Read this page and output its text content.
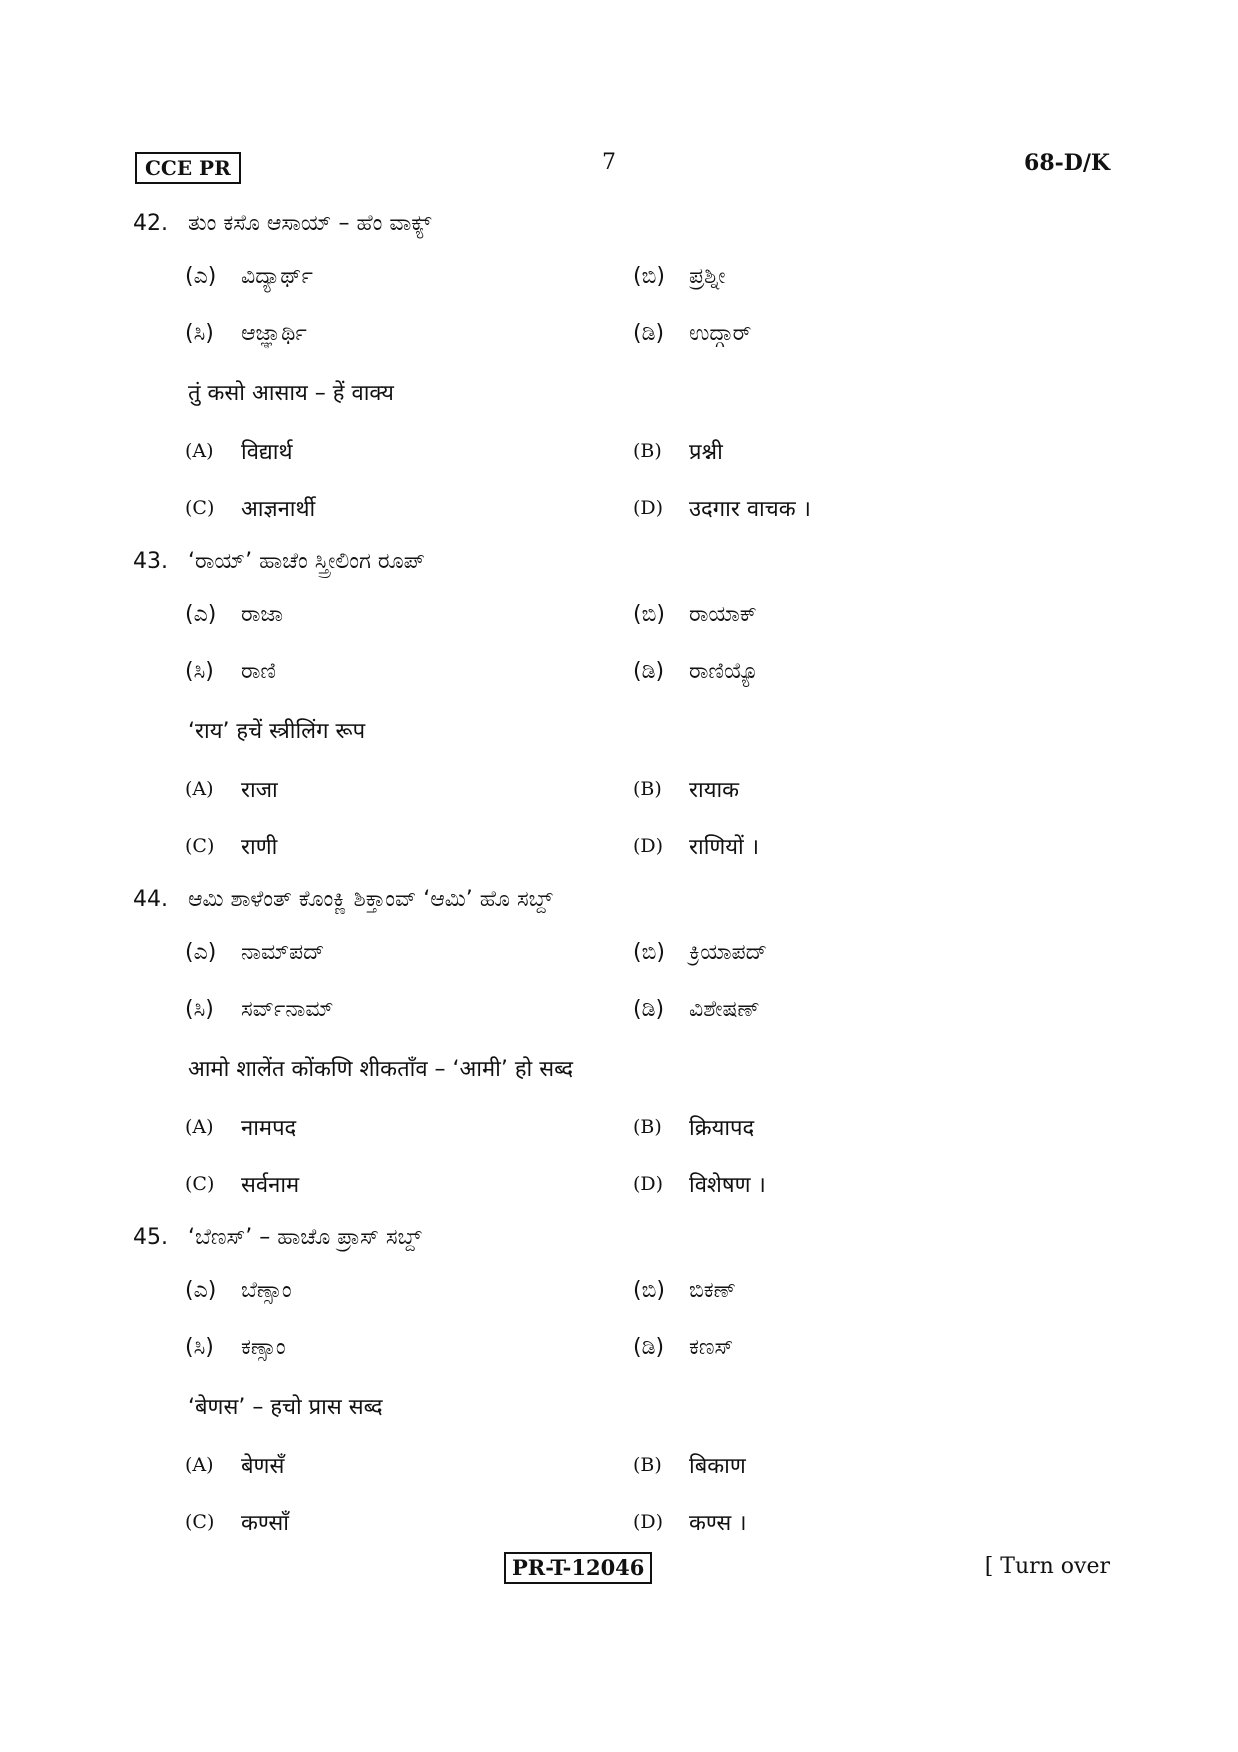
CCE PR	7	68-D/K
42. ತುಂ ಕಸೊ ಆಸಾಯ್ – ಹೆಂ ವಾಕ್ಯ್
(ಎ)	ವಿದ್ಯಾರ್ಥ್	(ಬಿ)	ಪ್ರಶ್ನೀ
(ಸಿ)	ಆಜ್ಞಾರ್ಥಿ	(ಡಿ)	ಉದ್ಗಾರ್
तुं कसो आसाय – हें वाक्य
(A)	विद्यार्थ	(B)	प्रश्नी
(C)	आज्ञनार्थी	(D)	उदगार वाचक ।
43. ‘ರಾಯ್’ ಹಾಚೆಂ ಸ್ತ್ರೀಲಿಂಗ ರೂಪ್
(ಎ)	ರಾಜಾ	(ಬಿ)	ರಾಯಾಕ್
(ಸಿ)	ರಾಣಿ	(ಡಿ)	ರಾಣಿಯ್ಯೊ
‘राय’ हचें स्त्रीलिंग रूप
(A)	राजा	(B)	रायाक
(C)	राणी	(D)	राणियों ।
44. ಆಮಿ ಶಾಳೆಂತ್ ಕೊಂಕ್ಣಿ ಶಿಕ್ತಾಂವ್ ‘ಆಮಿ’ ಹೊ ಸಬ್ದ್
(ಎ)	ನಾಮ್‌ಪದ್	(ಬಿ)	ಕ್ರಿಯಾಪದ್
(ಸಿ)	ಸರ್ವ್‌ನಾಮ್	(ಡಿ)	ವಿಶೇಷಣ್
आमो शालेंत कोंकणि शीकताँव – ‘आमी’ हो सब्द
(A)	नामपद	(B)	क्रियापद
(C)	सर्वनाम	(D)	विशेषण ।
45. ‘ಬೆಣಸ್’ – ಹಾಚೊ ಪ್ರಾಸ್ ಸಬ್ದ್
(ಎ)	ಬೆಣ್ಸಾಂ	(ಬಿ)	ಬಿಕಣ್
(ಸಿ)	ಕಣ್ಸಾಂ	(ಡಿ)	ಕಣಸ್
‘बेणस’ – हचो प्रास सब्द
(A)	बेणसँ	(B)	बिकाण
(C)	कण्साँ	(D)	कण्स ।
PR-T-12046	[ Turn over
